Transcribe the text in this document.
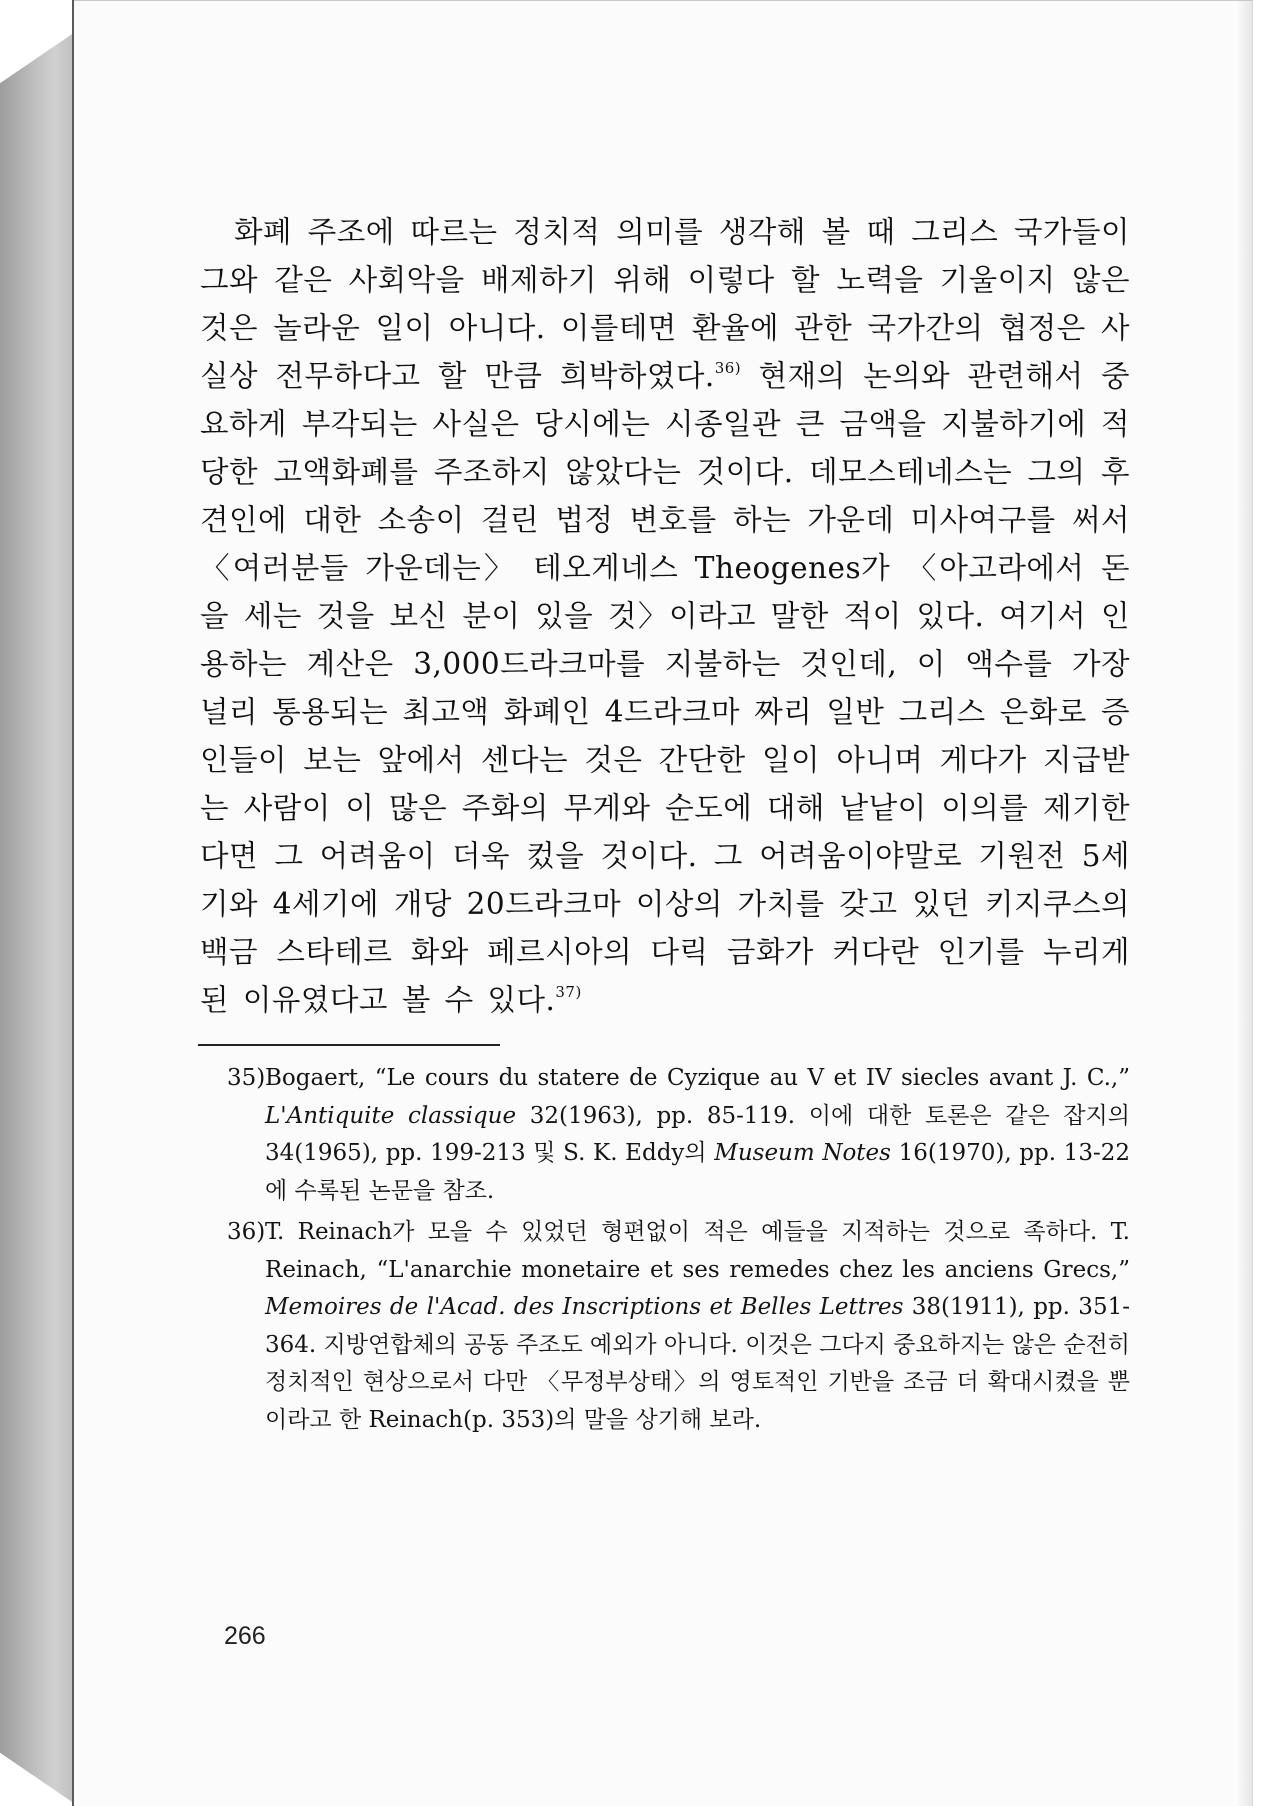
화폐 주조에 따르는 정치적 의미를 생각해 볼 때 그리스 국가들이 그와 같은 사회악을 배제하기 위해 이렇다 할 노력을 기울이지 않은 것은 놀라운 일이 아니다. 이를테면 환율에 관한 국가간의 협정은 사실상 전무하다고 할 만큼 희박하였다.$^{36)}$ 현재의 논의와 관련해서 중요하게 부각되는 사실은 당시에는 시종일관 큰 금액을 지불하기에 적당한 고액화폐를 주조하지 않았다는 것이다. 데모스테네스는 그의 후견인에 대한 소송이 걸린 법정 변호를 하는 가운데 미사여구를 써서 〈여러분들 가운데는〉 테오게네스 Theogenes가 〈아고라에서 돈을 세는 것을 보신 분이 있을 것〉이라고 말한 적이 있다. 여기서 인용하는 계산은 3,000드라크마를 지불하는 것인데, 이 액수를 가장 널리 통용되는 최고액 화폐인 4드라크마 짜리 일반 그리스 은화로 증인들이 보는 앞에서 센다는 것은 간단한 일이 아니며 게다가 지급받는 사람이 이 많은 주화의 무게와 순도에 대해 낱낱이 이의를 제기한다면 그 어려움이 더욱 컸을 것이다. 그 어려움이야말로 기원전 5세기와 4세기에 개당 20드라크마 이상의 가치를 갖고 있던 키지쿠스의 백금 스타테르 화와 페르시아의 다릭 금화가 커다란 인기를 누리게 된 이유였다고 볼 수 있다.$^{37)}$

35) Bogaert, “Le cours du statere de Cyzique au V et IV siecles avant J. C.,” L'Antiquite classique 32(1963), pp. 85-119. 이에 대한 토론은 같은 잡지의 34(1965), pp. 199-213 및 S. K. Eddy의 Museum Notes 16(1970), pp. 13-22에 수록된 논문을 참조.
36) T. Reinach가 모을 수 있었던 형편없이 적은 예들을 지적하는 것으로 족하다. T. Reinach, “L'anarchie monetaire et ses remedes chez les anciens Grecs,” Memoires de l'Acad. des Inscriptions et Belles Lettres 38(1911), pp. 351-364. 지방연합체의 공동 주조도 예외가 아니다. 이것은 그다지 중요하지는 않은 순전히 정치적인 현상으로서 다만 〈무정부상태〉의 영토적인 기반을 조금 더 확대시켰을 뿐이라고 한 Reinach(p. 353)의 말을 상기해 보라.
266
